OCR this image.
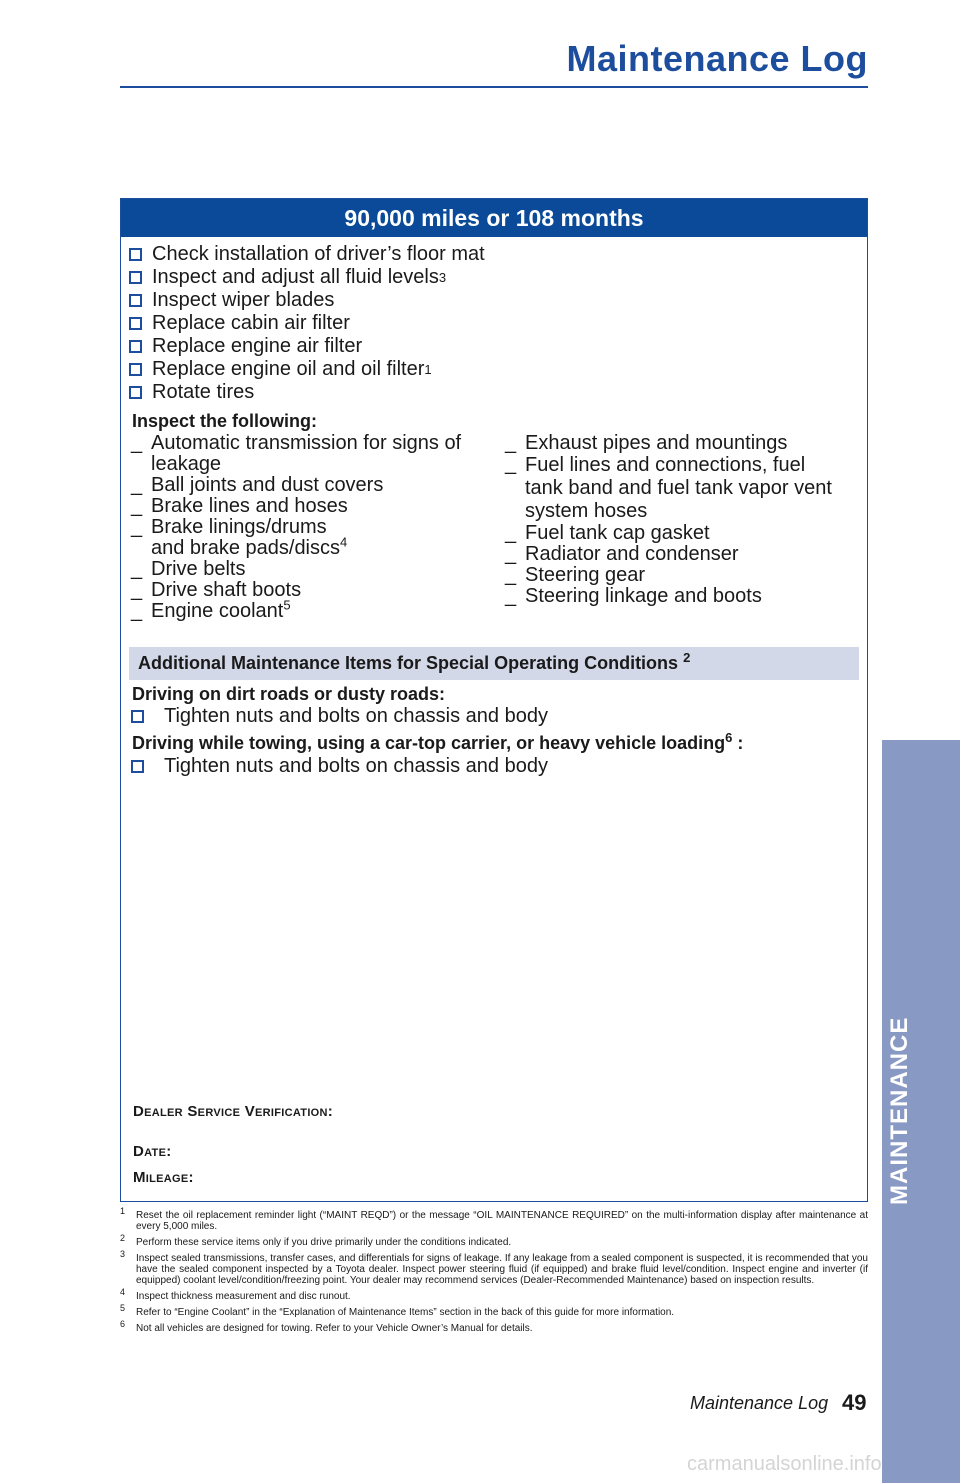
Maintenance Log
90,000 miles or 108 months
Check installation of driver’s floor mat
Inspect and adjust all fluid levels 3
Inspect wiper blades
Replace cabin air filter
Replace engine air filter
Replace engine oil and oil filter 1
Rotate tires
Inspect the following:
_ Automatic transmission for signs of leakage
_ Ball joints and dust covers
_ Brake lines and hoses
_ Brake linings/drums and brake pads/discs$^4$
_ Drive belts
_ Drive shaft boots
_ Engine coolant$^5$
_ Exhaust pipes and mountings
_ Fuel lines and connections, fuel tank band and fuel tank vapor vent system hoses
_ Fuel tank cap gasket
_ Radiator and condenser
_ Steering gear
_ Steering linkage and boots
Additional Maintenance Items for Special Operating Conditions $^2$
Driving on dirt roads or dusty roads:
Tighten nuts and bolts on chassis and body
Driving while towing, using a car-top carrier, or heavy vehicle loading$^6$ :
Tighten nuts and bolts on chassis and body
Dealer Service Verification:
Date:
Mileage:
1 Reset the oil replacement reminder light (“MAINT REQD”) or the message “OIL MAINTENANCE REQUIRED” on the multi-information display after maintenance at every 5,000 miles.
2 Perform these service items only if you drive primarily under the conditions indicated.
3 Inspect sealed transmissions, transfer cases, and differentials for signs of leakage. If any leakage from a sealed component is suspected, it is recommended that you have the sealed component inspected by a Toyota dealer. Inspect power steering fluid (if equipped) and brake fluid level/condition. Inspect engine and inverter (if equipped) coolant level/condition/freezing point. Your dealer may recommend services (Dealer-Recommended Maintenance) based on inspection results.
4 Inspect thickness measurement and disc runout.
5 Refer to “Engine Coolant” in the “Explanation of Maintenance Items” section in the back of this guide for more information.
6 Not all vehicles are designed for towing. Refer to your Vehicle Owner’s Manual for details.
Maintenance Log 49
MAINTENANCE
carmanualsonline.info
